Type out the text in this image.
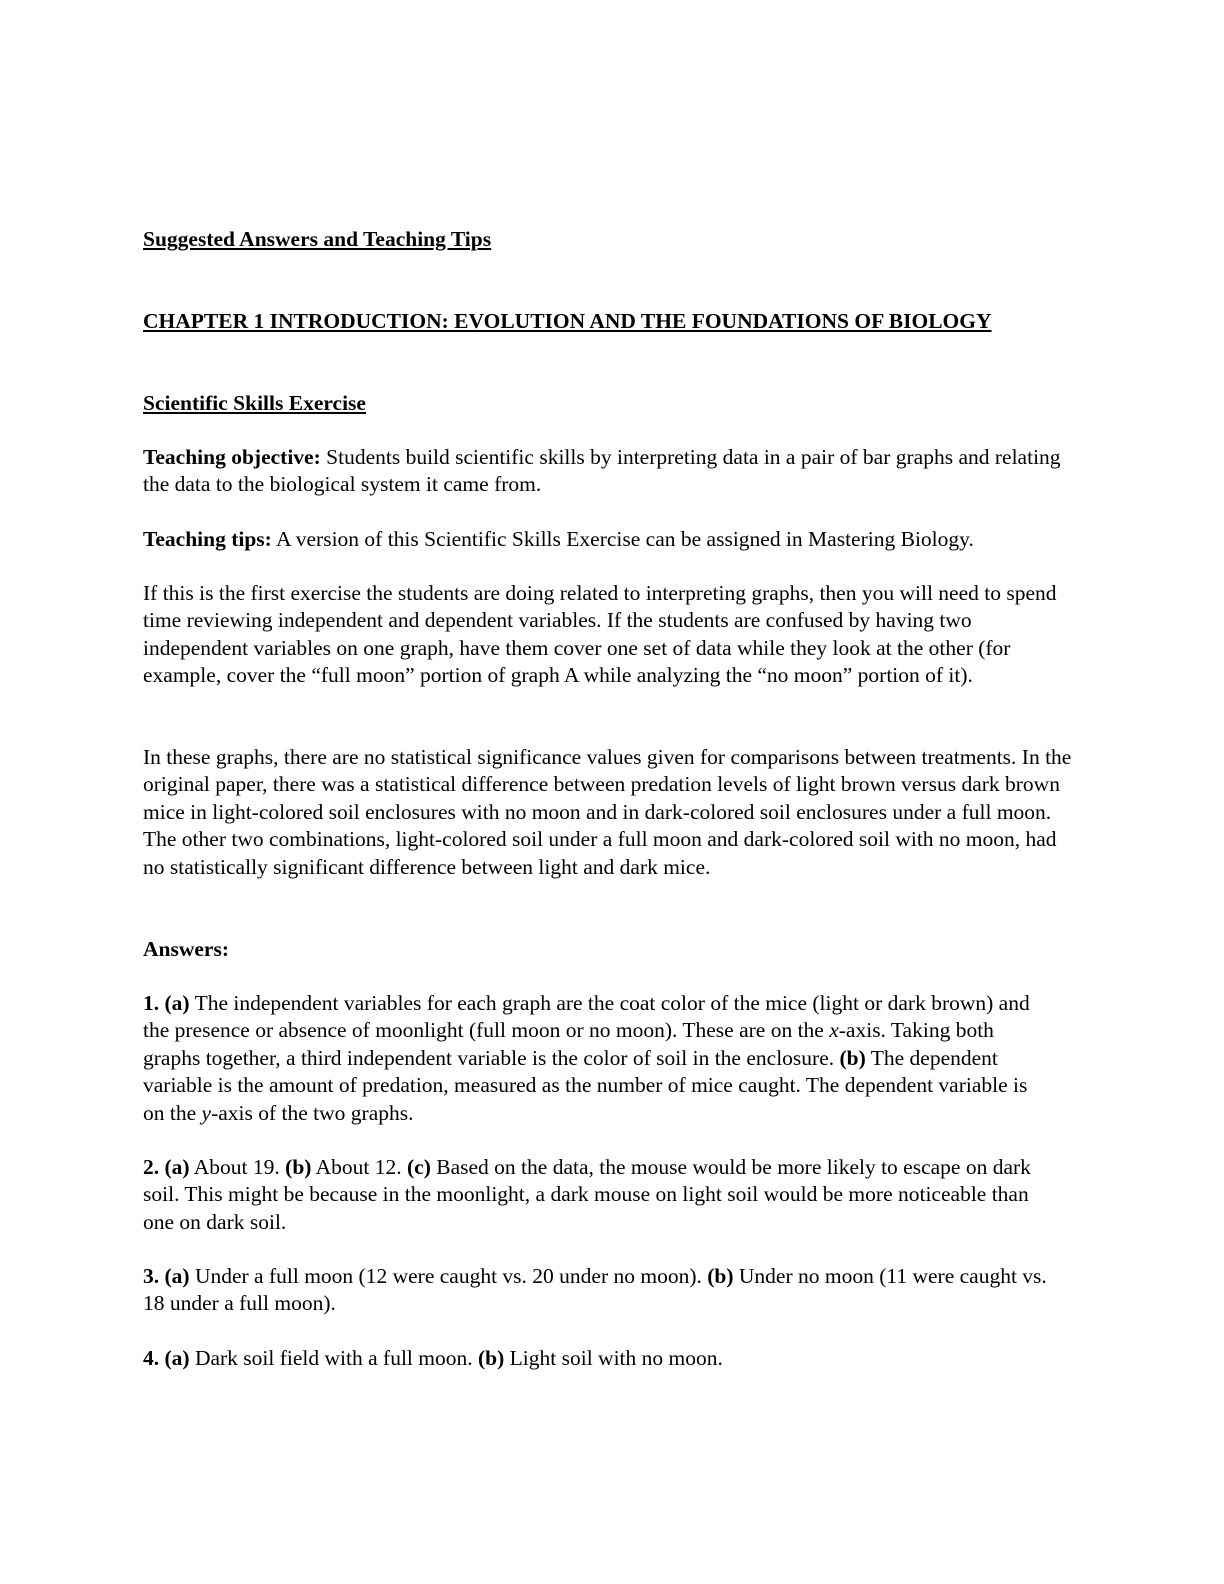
Suggested Answers and Teaching Tips

CHAPTER 1 INTRODUCTION: EVOLUTION AND THE FOUNDATIONS OF BIOLOGY

Scientific Skills Exercise

Teaching objective: Students build scientific skills by interpreting data in a pair of bar graphs and relating the data to the biological system it came from.

Teaching tips: A version of this Scientific Skills Exercise can be assigned in Mastering Biology.

If this is the first exercise the students are doing related to interpreting graphs, then you will need to spend time reviewing independent and dependent variables. If the students are confused by having two independent variables on one graph, have them cover one set of data while they look at the other (for example, cover the “full moon” portion of graph A while analyzing the “no moon” portion of it).

In these graphs, there are no statistical significance values given for comparisons between treatments. In the original paper, there was a statistical difference between predation levels of light brown versus dark brown mice in light-colored soil enclosures with no moon and in dark-colored soil enclosures under a full moon. The other two combinations, light-colored soil under a full moon and dark-colored soil with no moon, had no statistically significant difference between light and dark mice.

Answers:

1. (a) The independent variables for each graph are the coat color of the mice (light or dark brown) and the presence or absence of moonlight (full moon or no moon). These are on the x-axis. Taking both graphs together, a third independent variable is the color of soil in the enclosure. (b) The dependent variable is the amount of predation, measured as the number of mice caught. The dependent variable is on the y-axis of the two graphs.

2. (a) About 19. (b) About 12. (c) Based on the data, the mouse would be more likely to escape on dark soil. This might be because in the moonlight, a dark mouse on light soil would be more noticeable than one on dark soil.

3. (a) Under a full moon (12 were caught vs. 20 under no moon). (b) Under no moon (11 were caught vs. 18 under a full moon).

4. (a) Dark soil field with a full moon. (b) Light soil with no moon.
